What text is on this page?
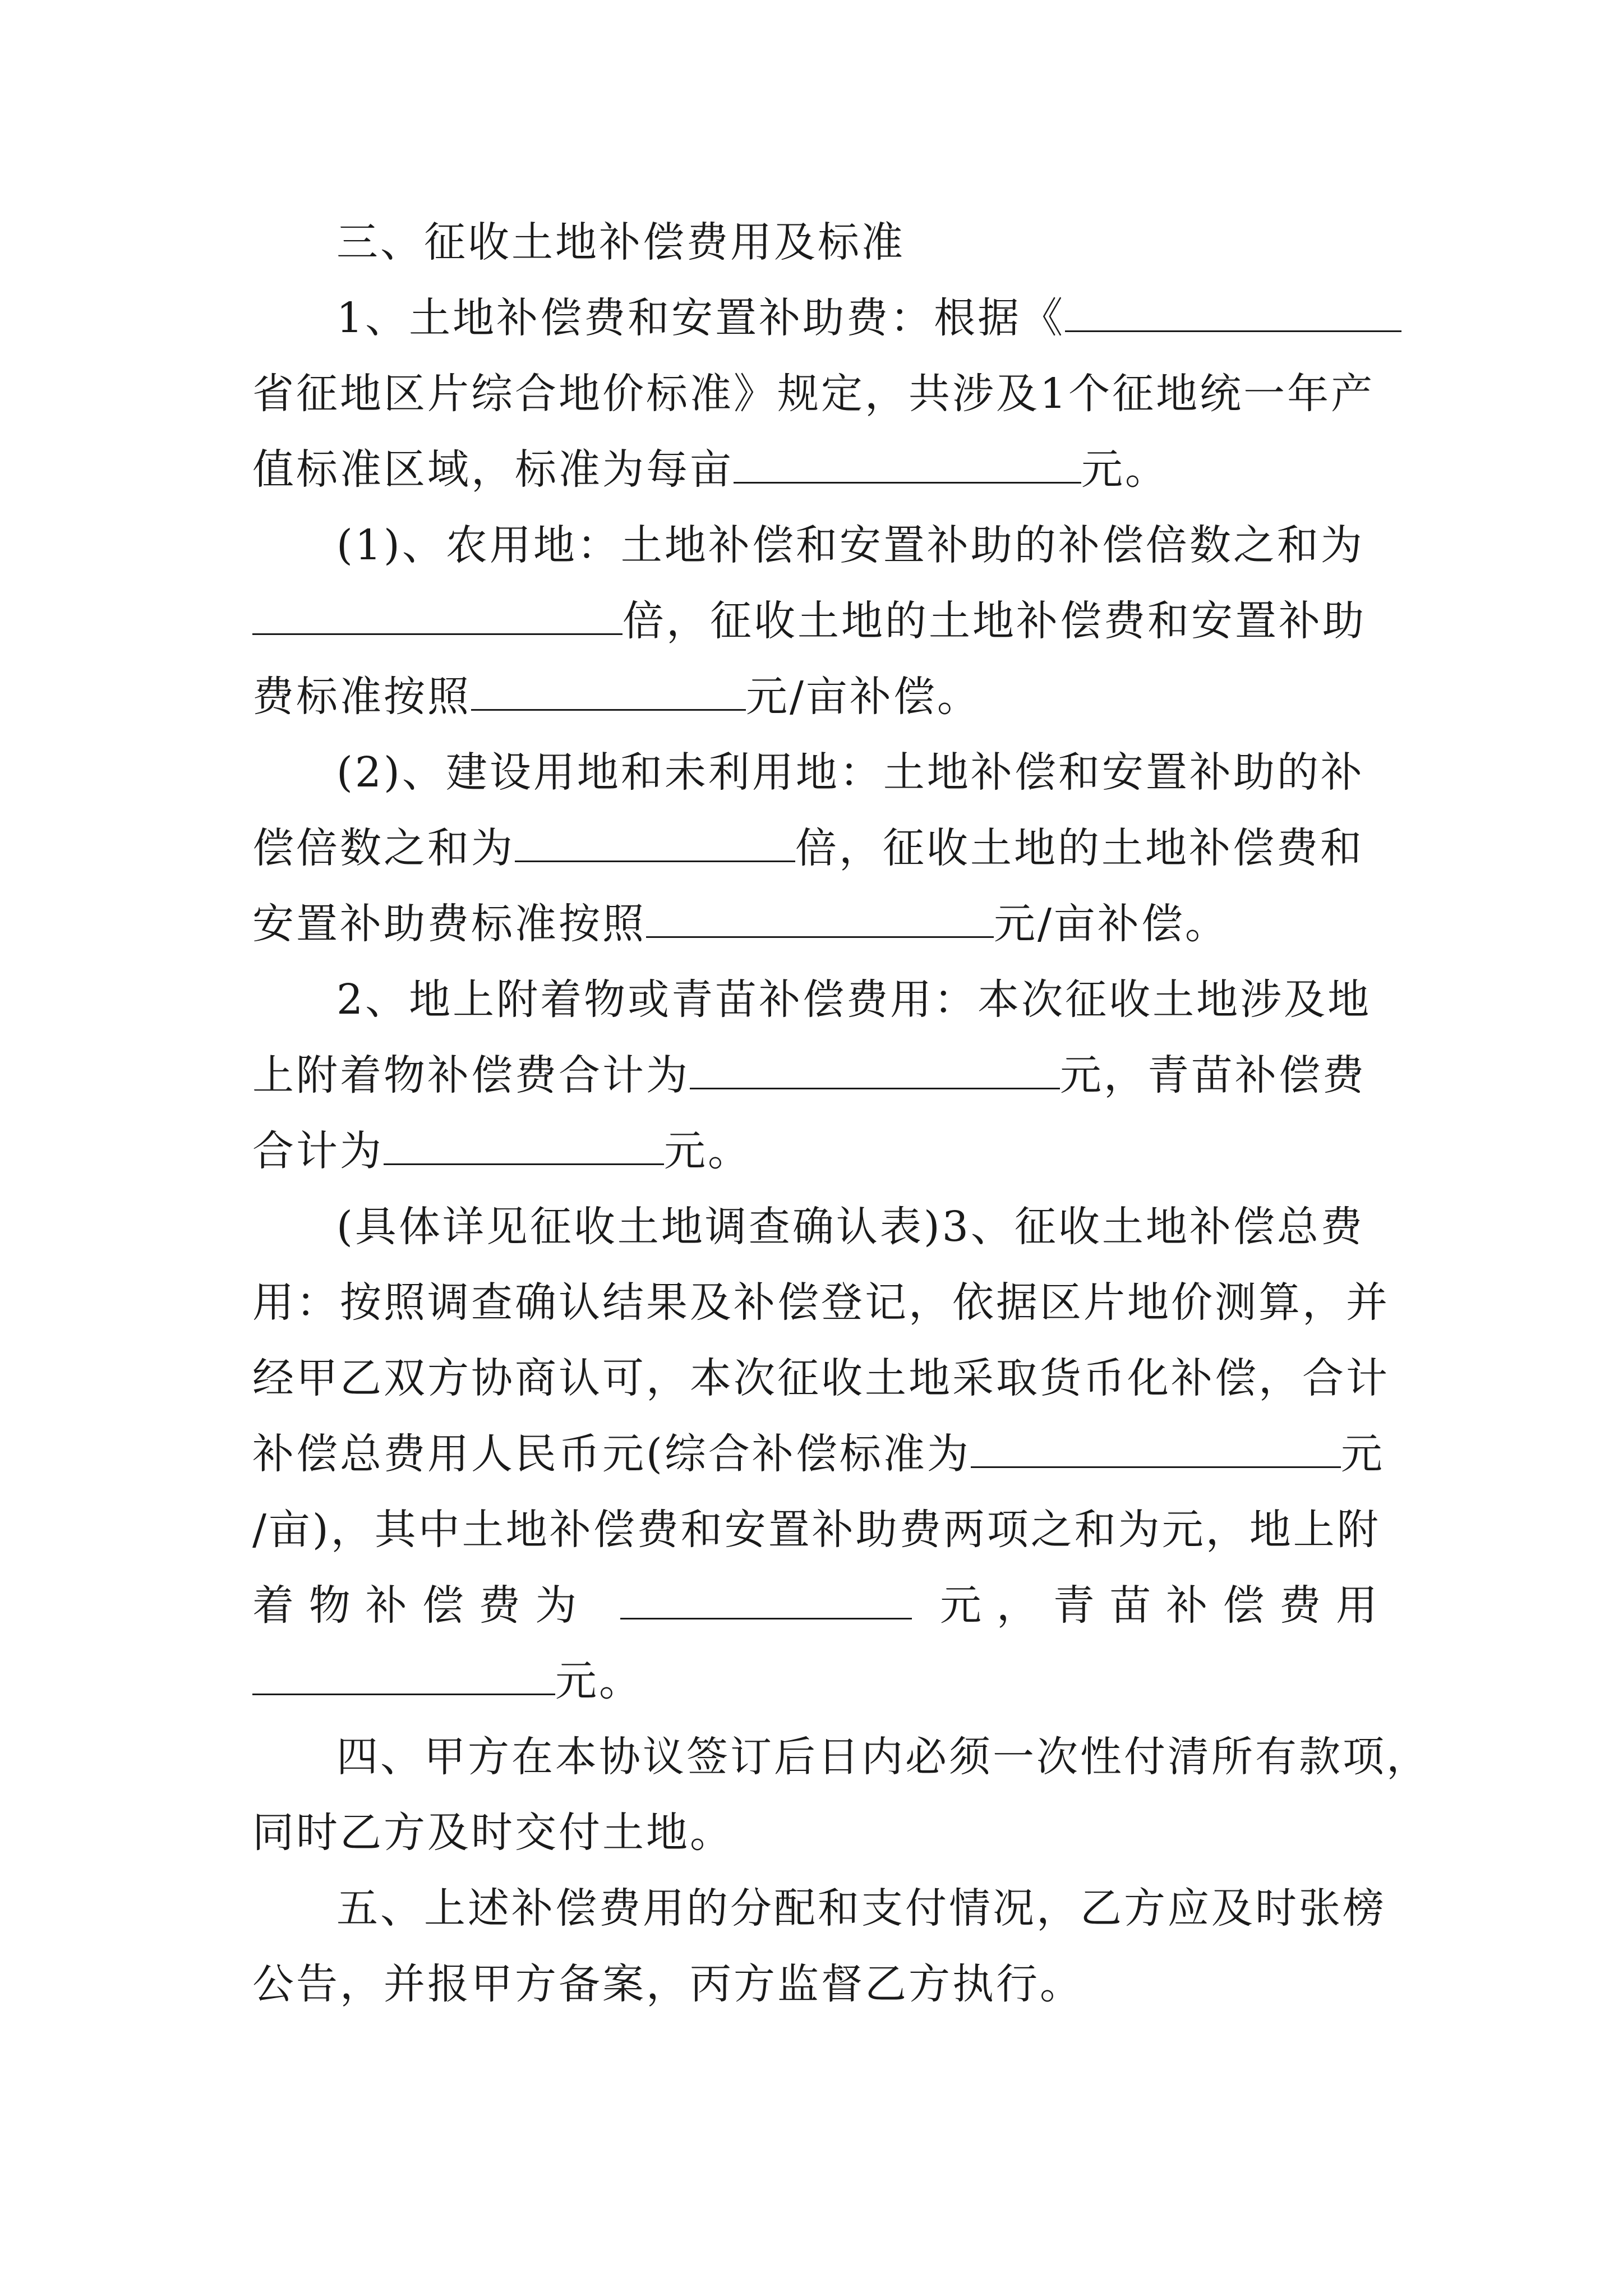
三、征收土地补偿费用及标准
1、土地补偿费和安置补助费：根据《
省征地区片综合地价标准》规定，共涉及1个征地统一年产
值标准区域，标准为每亩	元。
(1)、农用地：土地补偿和安置补助的补偿倍数之和为
倍，征收土地的土地补偿费和安置补助
费标准按照	元/亩补偿。
(2)、建设用地和未利用地：土地补偿和安置补助的补
偿倍数之和为	倍，征收土地的土地补偿费和
安置补助费标准按照	元/亩补偿。
2、地上附着物或青苗补偿费用：本次征收土地涉及地
上附着物补偿费合计为	元，青苗补偿费
合计为	元。
(具体详见征收土地调查确认表)3、征收土地补偿总费
用：按照调查确认结果及补偿登记，依据区片地价测算，并
经甲乙双方协商认可，本次征收土地采取货币化补偿，合计
补偿总费用人民币元(综合补偿标准为	元
/亩)，其中土地补偿费和安置补助费两项之和为元，地上附
着物补偿费为	元，青苗补偿费用
元。
四、甲方在本协议签订后日内必须一次性付清所有款项，
同时乙方及时交付土地。
五、上述补偿费用的分配和支付情况，乙方应及时张榜
公告，并报甲方备案，丙方监督乙方执行。
